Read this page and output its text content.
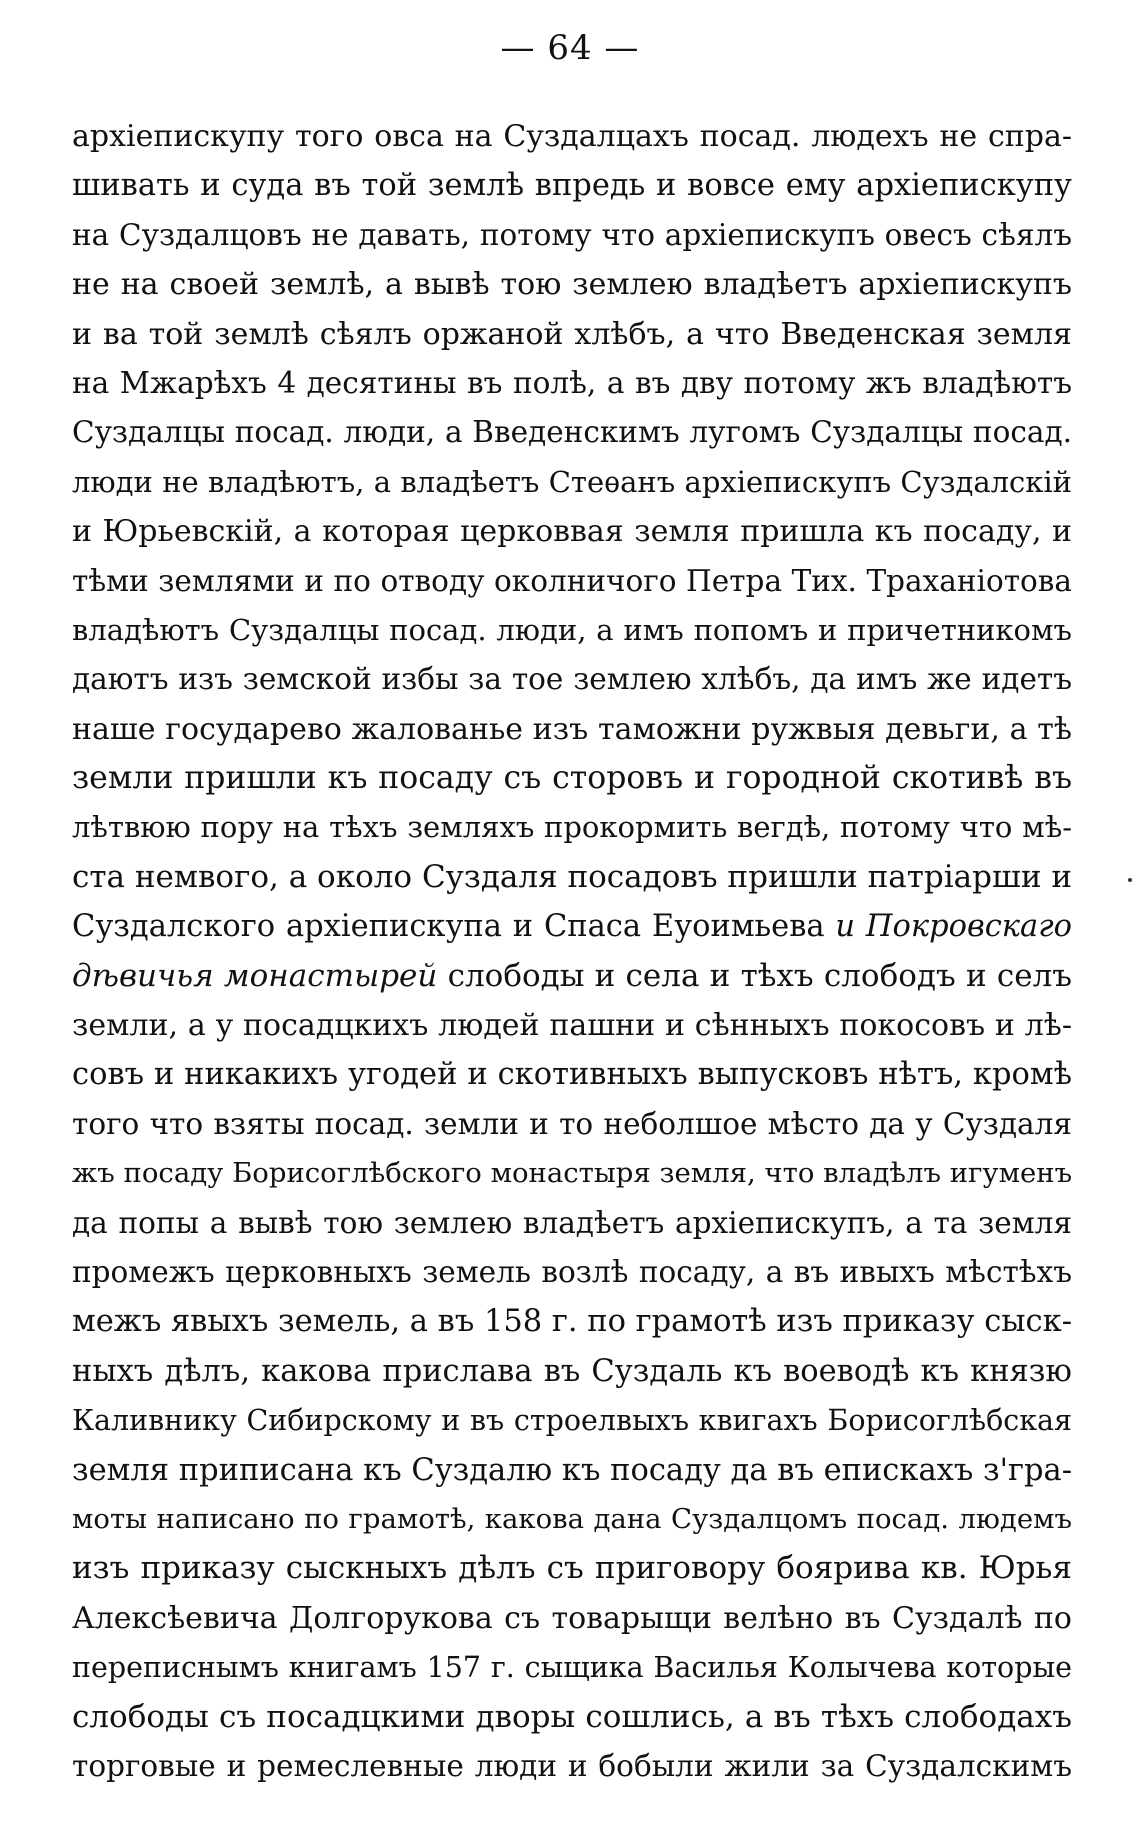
— 64 —
архіепискупу того овса на Суздалцахъ посад. людехъ не спра-
шивать и суда въ той землѣ впредь и вовсе ему архіепискупу
на Суздалцовъ не давать, потому что архіепискупъ овесъ сѣялъ
не на своей землѣ, а вывѣ тою землею владѣетъ архіепискупъ
и ва той землѣ сѣялъ оржаной хлѣбъ, а что Введенская земля
на Мжарѣхъ 4 десятины въ полѣ, а въ дву потому жъ владѣютъ
Суздалцы посад. люди, а Введенскимъ лугомъ Суздалцы посад.
люди не владѣютъ, а владѣетъ Стеѳанъ архіепискупъ Суздалскій
и Юрьевскій, а которая церковвая земля пришла къ посаду, и
тѣми землями и по отводу околничого Петра Тих. Траханіотова
владѣютъ Суздалцы посад. люди, а имъ попомъ и причетникомъ
даютъ изъ земской избы за тое землею хлѣбъ, да имъ же идетъ
наше государево жалованье изъ таможни ружвыя девьги, а тѣ
земли пришли къ посаду съ сторовъ и городной скотивѣ въ
лѣтвюю пору на тѣхъ земляхъ прокормить вегдѣ, потому что мѣ-
ста немвого, а около Суздаля посадовъ пришли патріарши и
Суздалского архіепискупа и Спаса Еуоимьева и Покровскаго
дѣвичья монастырей слободы и села и тѣхъ слободъ и селъ
земли, а у посадцкихъ людей пашни и сѣнныхъ покосовъ и лѣ-
совъ и никакихъ угодей и скотивныхъ выпусковъ нѣтъ, кромѣ
того что взяты посад. земли и то неболшое мѣсто да у Суздаля
жъ посаду Борисоглѣбского монастыря земля, что владѣлъ игуменъ
да попы а вывѣ тою землею владѣетъ архіепискупъ, а та земля
промежъ церковныхъ земель возлѣ посаду, а въ ивыхъ мѣстѣхъ
межъ явыхъ земель, а въ 158 г. по грамотѣ изъ приказу сыск-
ныхъ дѣлъ, какова прислава въ Суздаль къ воеводѣ къ князю
Каливнику Сибирскому и въ строелвыхъ квигахъ Борисоглѣбская
земля приписана къ Суздалю къ посаду да въ епискахъ з'гра-
моты написано по грамотѣ, какова дана Суздалцомъ посад. людемъ
изъ приказу сыскныхъ дѣлъ съ приговору боярива кв. Юрья
Алексѣевича Долгорукова съ товарыщи велѣно въ Суздалѣ по
переписнымъ книгамъ 157 г. сыщика Василья Колычева которые
слободы съ посадцкими дворы сошлись, а въ тѣхъ слободахъ
торговые и ремеслевные люди и бобыли жили за Суздалскимъ
